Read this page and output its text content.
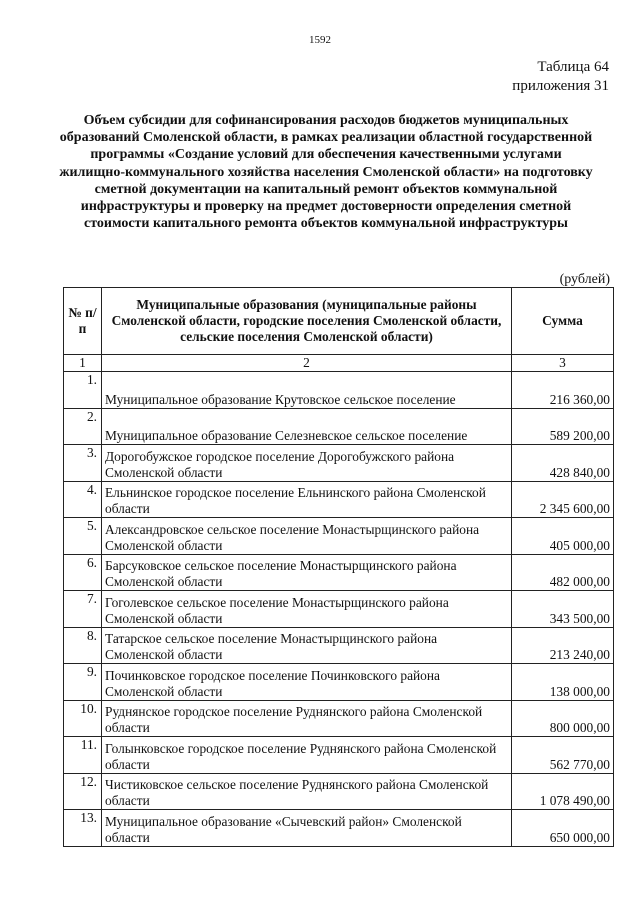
1592
Таблица 64
приложения 31
Объем субсидии для софинансирования расходов бюджетов муниципальных образований Смоленской области, в рамках реализации областной государственной программы «Создание условий для обеспечения качественными услугами жилищно-коммунального хозяйства населения Смоленской области» на подготовку сметной документации на капитальный ремонт объектов коммунальной инфраструктуры и проверку на предмет достоверности определения сметной стоимости капитального ремонта объектов коммунальной инфраструктуры
(рублей)
№ п/п	Муниципальные образования (муниципальные районы Смоленской области, городские поселения Смоленской области, сельские поселения Смоленской области)	Сумма
1	2	3
1.	Муниципальное образование Крутовское сельское поселение	216 360,00
2.	Муниципальное образование Селезневское сельское поселение	589 200,00
3.	Дорогобужское городское поселение Дорогобужского района Смоленской области	428 840,00
4.	Ельнинское городское поселение Ельнинского района Смоленской области	2 345 600,00
5.	Александровское сельское поселение Монастырщинского района Смоленской области	405 000,00
6.	Барсуковское сельское поселение Монастырщинского района Смоленской области	482 000,00
7.	Гоголевское сельское поселение Монастырщинского района Смоленской области	343 500,00
8.	Татарское сельское поселение Монастырщинского района Смоленской области	213 240,00
9.	Починковское городское поселение Починковского района Смоленской области	138 000,00
10.	Руднянское городское поселение Руднянского района Смоленской области	800 000,00
11.	Голынковское городское поселение Руднянского района Смоленской области	562 770,00
12.	Чистиковское сельское поселение Руднянского района Смоленской области	1 078 490,00
13.	Муниципальное образование «Сычевский район» Смоленской области	650 000,00
